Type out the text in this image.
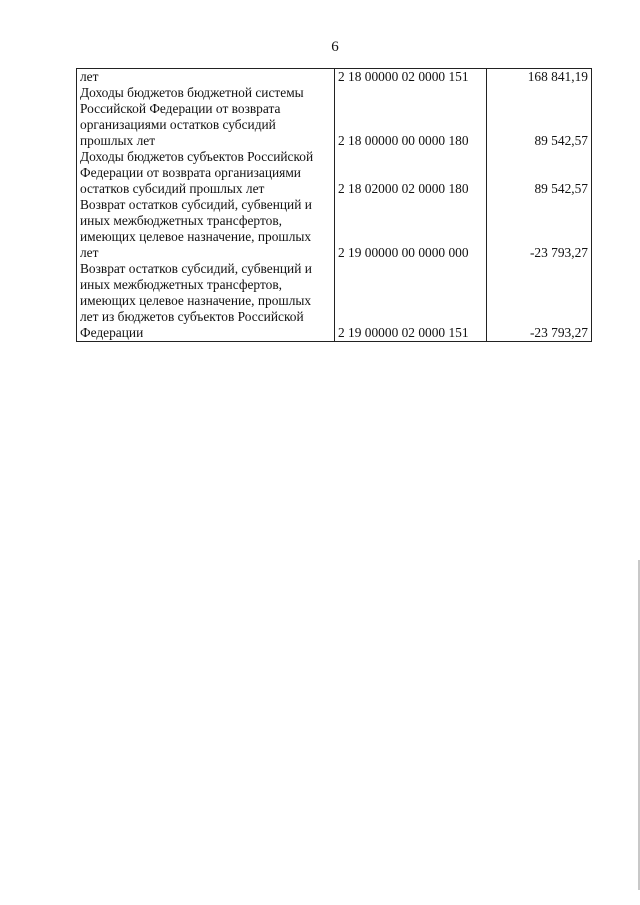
6
лет	2 18 00000 02 0000 151	168 841,19

Доходы бюджетов бюджетной системы
Российской Федерации от возврата
организациями остатков субсидий
прошлых лет	2 18 00000 00 0000 180	89 542,57

Доходы бюджетов субъектов Российской
Федерации от возврата организациями
остатков субсидий прошлых лет	2 18 02000 02 0000 180	89 542,57

Возврат остатков субсидий, субвенций и
иных межбюджетных трансфертов,
имеющих целевое назначение, прошлых
лет	2 19 00000 00 0000 000	-23 793,27

Возврат остатков субсидий, субвенций и
иных межбюджетных трансфертов,
имеющих целевое назначение, прошлых
лет из бюджетов субъектов Российской
Федерации	2 19 00000 02 0000 151	-23 793,27
